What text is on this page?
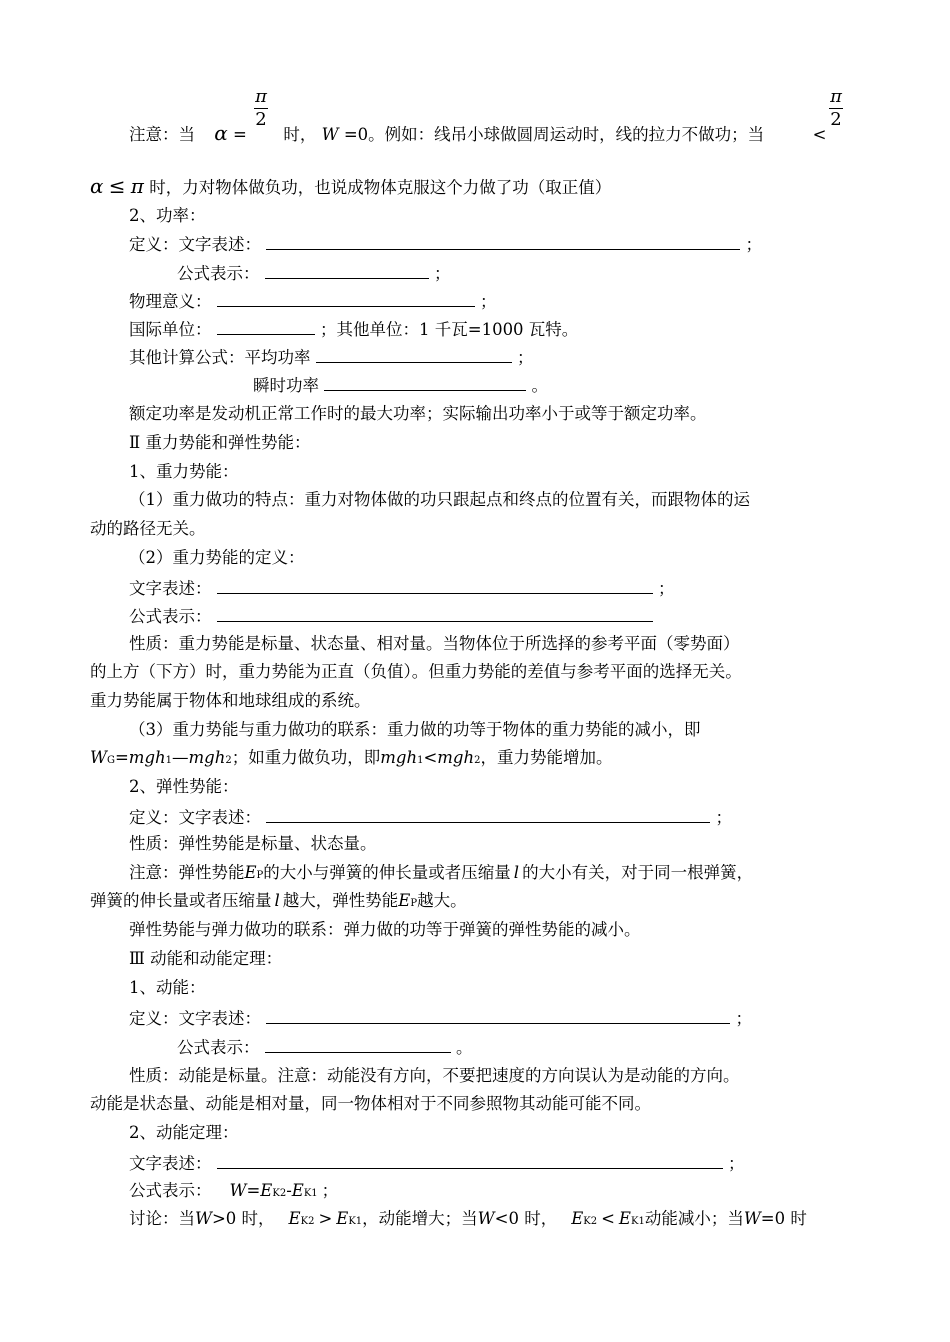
π
2
π
2
注意：当 α = 时， W =0。例如：线吊小球做圆周运动时，线的拉力不做功；当	<
α ≤ π 时，力对物体做负功，也说成物体克服这个力做了功（取正值）
2、功率：
定义：文字表述：	；
公式表示：	；
物理意义：	；
国际单位：	；其他单位：1 千瓦=1000 瓦特。
其他计算公式：平均功率	；
瞬时功率	。
额定功率是发动机正常工作时的最大功率；实际输出功率小于或等于额定功率。
Ⅱ 重力势能和弹性势能：
1、重力势能：
（1）重力做功的特点：重力对物体做的功只跟起点和终点的位置有关，而跟物体的运
动的路径无关。
（2）重力势能的定义：
文字表述：	；
公式表示：
性质：重力势能是标量、状态量、相对量。当物体位于所选择的参考平面（零势面）
的上方（下方）时，重力势能为正直（负值）。但重力势能的差值与参考平面的选择无关。
重力势能属于物体和地球组成的系统。
（3）重力势能与重力做功的联系：重力做的功等于物体的重力势能的减小，即
WG=mgh1—mgh2；如重力做负功，即mgh1<mgh2，重力势能增加。
2、弹性势能：
定义：文字表述：	；
性质：弹性势能是标量、状态量。
注意：弹性势能EP的大小与弹簧的伸长量或者压缩量 l 的大小有关，对于同一根弹簧，
弹簧的伸长量或者压缩量 l 越大，弹性势能EP越大。
弹性势能与弹力做功的联系：弹力做的功等于弹簧的弹性势能的减小。
Ⅲ 动能和动能定理：
1、动能：
定义：文字表述：	；
公式表示：	。
性质：动能是标量。注意：动能没有方向，不要把速度的方向误认为是动能的方向。
动能是状态量、动能是相对量，同一物体相对于不同参照物其动能可能不同。
2、动能定理：
文字表述：	；
公式表示： W=EK2-EK1 ；
讨论：当W>0 时， EK2 > EK1，动能增大；当W<0 时， EK2 < EK1动能减小；当W=0 时
